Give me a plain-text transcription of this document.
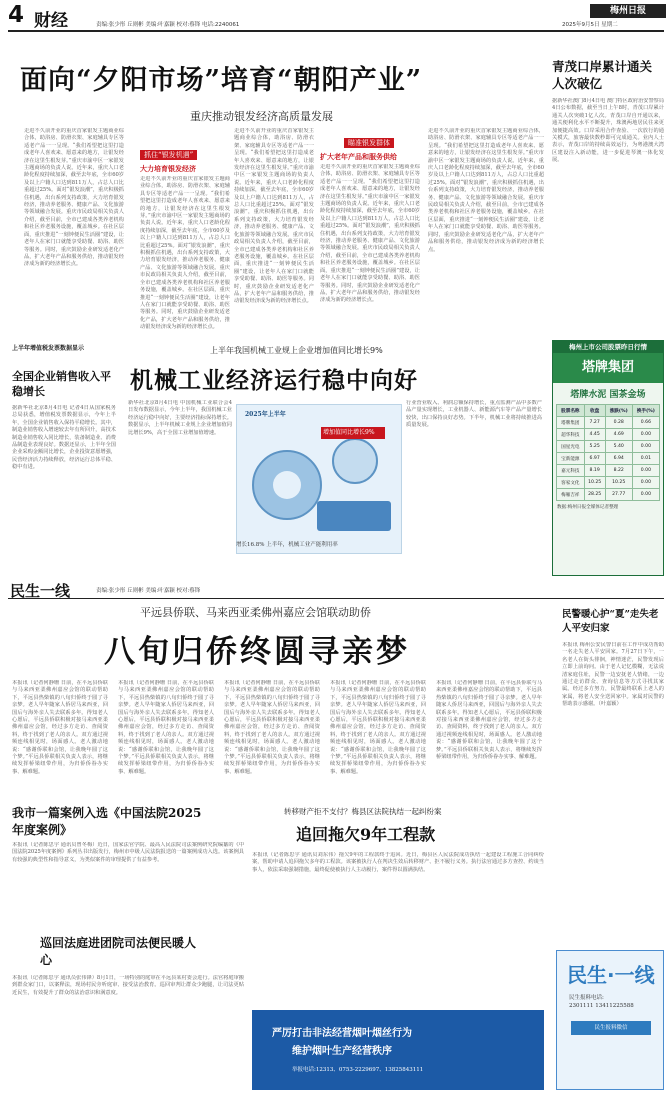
4 财经	责编:张少彤 丘则彬 美编:叶嘉颖 校对:蔡锋 电话:2240061	2025年9月5日 星期二
梅州日报
面向“夕阳市场”培育“朝阳产业”
重庆推动银发经济高质量发展
抓住“银发机遇”
大力培育银发经济
瞄准银发群体
扩大老年产品和服务供给

走进不久前开业的重庆首家银发主题商业综合体，助浴房、防滑衣架、家庭辅具专区等适老产品一一呈现。“我们希望把这里打造成老年人喜欢来、愿意来的地方，让银发经济在这里生根发芽。”重庆市渝中区一家银发主题商场的负责人说。近年来，重庆人口老龄化程度持续加深，截至去年底，全市60岁及以上户籍人口达到811万人，占总人口比重超过25%。面对“银发浪潮”，重庆积极抓住机遇，出台系列支持政策，大力培育银发经济，推动养老服务、健康产品、文化旅游等领域融合发展。重庆市民政局相关负责人介绍，截至目前，全市已建成各类养老机构和社区养老服务设施，覆盖城乡。在社区层面，重庆推进“一刻钟便民生活圈”建设，让老年人在家门口就能享受助餐、助浴、助医等服务。同时，重庆鼓励企业研发适老化产品，扩大老年产品和服务供给，推动银发经济成为新的经济增长点。

走进不久前开业的重庆首家银发主题商业综合体，助浴房、防滑衣架、家庭辅具专区等适老产品一一呈现。“我们希望把这里打造成老年人喜欢来、愿意来的地方，让银发经济在这里生根发芽。”重庆市渝中区一家银发主题商场的负责人说。近年来，重庆人口老龄化程度持续加深，截至去年底，全市60岁及以上户籍人口达到811万人，占总人口比重超过25%。面对“银发浪潮”，重庆积极抓住机遇，出台系列支持政策，大力培育银发经济，推动养老服务、健康产品、文化旅游等领域融合发展。重庆市民政局相关负责人介绍，截至目前，全市已建成各类养老机构和社区养老服务设施，覆盖城乡。在社区层面，重庆推进“一刻钟便民生活圈”建设，让老年人在家门口就能享受助餐、助浴、助医等服务。同时，重庆鼓励企业研发适老化产品，扩大老年产品和服务供给，推动银发经济成为新的经济增长点。

走进不久前开业的重庆首家银发主题商业综合体，助浴房、防滑衣架、家庭辅具专区等适老产品一一呈现。“我们希望把这里打造成老年人喜欢来、愿意来的地方，让银发经济在这里生根发芽。”重庆市渝中区一家银发主题商场的负责人说。近年来，重庆人口老龄化程度持续加深，截至去年底，全市60岁及以上户籍人口达到811万人，占总人口比重超过25%。面对“银发浪潮”，重庆积极抓住机遇，出台系列支持政策，大力培育银发经济，推动养老服务、健康产品、文化旅游等领域融合发展。重庆市民政局相关负责人介绍，截至目前，全市已建成各类养老机构和社区养老服务设施，覆盖城乡。在社区层面，重庆推进“一刻钟便民生活圈”建设，让老年人在家门口就能享受助餐、助浴、助医等服务。同时，重庆鼓励企业研发适老化产品，扩大老年产品和服务供给，推动银发经济成为新的经济增长点。

走进不久前开业的重庆首家银发主题商业综合体，助浴房、防滑衣架、家庭辅具专区等适老产品一一呈现。“我们希望把这里打造成老年人喜欢来、愿意来的地方，让银发经济在这里生根发芽。”重庆市渝中区一家银发主题商场的负责人说。近年来，重庆人口老龄化程度持续加深，截至去年底，全市60岁及以上户籍人口达到811万人，占总人口比重超过25%。面对“银发浪潮”，重庆积极抓住机遇，出台系列支持政策，大力培育银发经济，推动养老服务、健康产品、文化旅游等领域融合发展。重庆市民政局相关负责人介绍，截至目前，全市已建成各类养老机构和社区养老服务设施，覆盖城乡。在社区层面，重庆推进“一刻钟便民生活圈”建设，让老年人在家门口就能享受助餐、助浴、助医等服务。同时，重庆鼓励企业研发适老化产品，扩大老年产品和服务供给，推动银发经济成为新的经济增长点。

走进不久前开业的重庆首家银发主题商业综合体，助浴房、防滑衣架、家庭辅具专区等适老产品一一呈现。“我们希望把这里打造成老年人喜欢来、愿意来的地方，让银发经济在这里生根发芽。”重庆市渝中区一家银发主题商场的负责人说。近年来，重庆人口老龄化程度持续加深，截至去年底，全市60岁及以上户籍人口达到811万人，占总人口比重超过25%。面对“银发浪潮”，重庆积极抓住机遇，出台系列支持政策，大力培育银发经济，推动养老服务、健康产品、文化旅游等领域融合发展。重庆市民政局相关负责人介绍，截至目前，全市已建成各类养老机构和社区养老服务设施，覆盖城乡。在社区层面，重庆推进“一刻钟便民生活圈”建设，让老年人在家门口就能享受助餐、助浴、助医等服务。同时，重庆鼓励企业研发适老化产品，扩大老年产品和服务供给，推动银发经济成为新的经济增长点。

青茂口岸累计通关人次破亿

据新华社澳门8月4日电 澳门特区政府治安警察局4日公布数据，截至当日上午8时，青茂口岸累计通关人次突破1亿人次。青茂口岸自开通以来，通关便利化水平不断提升，珠澳两地居民往来更加便捷高效。口岸采用合作查验、一次放行的通关模式，旅客最快数秒即可完成通关。业内人士表示，青茂口岸的持续高效运行，为粤港澳大湾区建设注入新动能，进一步促进琴澳一体化发展。

梅州上市公司股票昨日行情
塔牌集团
塔牌水泥 国茶金场
股票名称	收盘	涨跌(%)	换手(%)
塔牌集团	7.27	0.28	0.66
超华科技	4.45	4.69	0.00
国星光电	5.25	5.40	0.00
宝新能源	6.97	6.94	0.01
嘉元科技	8.19	8.22	0.00
客家文化	10.25	10.25	0.00
梅雁吉祥	28.25	27.77	0.00
数据:梅州日报全媒体记者整理
上半年增值税发票数据显示
全国企业销售收入平稳增长

据新华社北京8月4日电 记者4日从国家税务总局获悉，增值税发票数据显示，今年上半年，全国企业销售收入保持平稳增长。其中，制造业销售收入增速较去年有所回升，高技术制造业销售收入同比增长，装备制造业、消费品制造业表现良好。数据还显示，上半年全国企业采购金额同比增长，企业投资意愿增强，民营经济活力持续释放，经济运行总体平稳、稳中有进。

上半年我国机械工业规上企业增加值同比增长9%
机械工业经济运行稳中向好

新华社北京8月4日电 中国机械工业联合会4日发布数据显示，今年上半年，我国机械工业经济运行稳中向好，主要经济指标保持增长。数据显示，上半年机械工业规上企业增加值同比增长9%，高于全国工业增加值增速。

2025年上半年
增加值同比增长9%
增长16.8% 上半年，机械工业产能利用率

行业营业收入、利润总额保持增长，重点监测产品中多数产品产量实现增长，工业机器人、新能源汽车等产品产量增长较快，出口保持良好态势。下半年，机械工业将持续推进高质量发展。

民生一线	责编:张少彤 丘则彬 美编:叶嘉颖 校对:蔡锋
平远县侨联、马来西亚柔佛州嘉应会馆联动助侨
八旬归侨终圆寻亲梦

本报讯（记者何静珊 日前，在平远县侨联与马来西亚柔佛州嘉应会馆的联动帮助下，平远县热柴镇的八旬归侨终于圆了寻亲梦。老人早年随家人侨居马来西亚，回国后与海外亲人失去联系多年。得知老人心愿后，平远县侨联积极对接马来西亚柔佛州嘉应会馆，经过多方走访、查阅资料，终于找到了老人的亲人。双方通过视频连线相见时，场面感人。老人激动地说：“感谢侨联和会馆，让我晚年圆了这个梦。”平远县侨联相关负责人表示，将继续发挥桥梁纽带作用，为归侨侨眷办实事、解难题。

本报讯（记者何静珊 日前，在平远县侨联与马来西亚柔佛州嘉应会馆的联动帮助下，平远县热柴镇的八旬归侨终于圆了寻亲梦。老人早年随家人侨居马来西亚，回国后与海外亲人失去联系多年。得知老人心愿后，平远县侨联积极对接马来西亚柔佛州嘉应会馆，经过多方走访、查阅资料，终于找到了老人的亲人。双方通过视频连线相见时，场面感人。老人激动地说：“感谢侨联和会馆，让我晚年圆了这个梦。”平远县侨联相关负责人表示，将继续发挥桥梁纽带作用，为归侨侨眷办实事、解难题。

本报讯（记者何静珊 日前，在平远县侨联与马来西亚柔佛州嘉应会馆的联动帮助下，平远县热柴镇的八旬归侨终于圆了寻亲梦。老人早年随家人侨居马来西亚，回国后与海外亲人失去联系多年。得知老人心愿后，平远县侨联积极对接马来西亚柔佛州嘉应会馆，经过多方走访、查阅资料，终于找到了老人的亲人。双方通过视频连线相见时，场面感人。老人激动地说：“感谢侨联和会馆，让我晚年圆了这个梦。”平远县侨联相关负责人表示，将继续发挥桥梁纽带作用，为归侨侨眷办实事、解难题。

本报讯（记者何静珊 日前，在平远县侨联与马来西亚柔佛州嘉应会馆的联动帮助下，平远县热柴镇的八旬归侨终于圆了寻亲梦。老人早年随家人侨居马来西亚，回国后与海外亲人失去联系多年。得知老人心愿后，平远县侨联积极对接马来西亚柔佛州嘉应会馆，经过多方走访、查阅资料，终于找到了老人的亲人。双方通过视频连线相见时，场面感人。老人激动地说：“感谢侨联和会馆，让我晚年圆了这个梦。”平远县侨联相关负责人表示，将继续发挥桥梁纽带作用，为归侨侨眷办实事、解难题。

本报讯（记者何静珊 日前，在平远县侨联与马来西亚柔佛州嘉应会馆的联动帮助下，平远县热柴镇的八旬归侨终于圆了寻亲梦。老人早年随家人侨居马来西亚，回国后与海外亲人失去联系多年。得知老人心愿后，平远县侨联积极对接马来西亚柔佛州嘉应会馆，经过多方走访、查阅资料，终于找到了老人的亲人。双方通过视频连线相见时，场面感人。老人激动地说：“感谢侨联和会馆，让我晚年圆了这个梦。”平远县侨联相关负责人表示，将继续发挥桥梁纽带作用，为归侨侨眷办实事、解难题。

民警暖心护“夏”走失老人平安归家

本报讯 梅州公安民警日前在工作中成功帮助一名走失老人平安回家。7月27日下午，一名老人在街头徘徊，神情迷茫，民警发现后立即上前询问。由于老人记忆模糊，无法说清家庭住址，民警一边安抚老人情绪，一边通过走访群众、查询信息等方式寻找其家属。经过多方努力，民警最终联系上老人的家属，将老人安全送回家中。家属对民警的帮助表示感谢。（叶嘉颖）

我市一篇案例入选《中国法院2025年度案例》

本报讯（记者陈思宇 通讯员曾冬梅）近日，国家法官学院、最高人民法院司法案例研究院编纂的《中国法院2025年度案例》系列丛书出版发行，梅州市中级人民法院报送的一篇案例成功入选。该案例具有较强的典型性和指导意义，为类似案件的审理提供了有益参考。

巡回法庭进团院司法便民暖人心

本报讯（记者陈思宇 通讯员张伟锋）8月1日，一场特别的庭审在平远县某村委会进行。法官将庭审搬到群众家门口，以案释法，现场村民旁听庭审、接受法治教育。巡回审判让群众少跑腿，让司法更贴近民生，有效提升了群众的法治意识和满意度。

转移财产拒不支付？梅县区法院执结一起纠纷案
追回拖欠9年工程款

本报讯（记者陈思宇 通讯员刘东伟）拖欠9年的工程款终于追回。近日，梅县区人民法院成功执结一起建设工程施工合同纠纷案，帮助申请人追回拖欠多年的工程款。该案被执行人在判决生效后转移财产、拒不履行义务。执行法官通过多方查控、约谈当事人，依法采取强制措施，最终促使被执行人主动履行，案件得以圆满执结。

严厉打击非法经营烟叶烟丝行为
维护烟叶生产经营秩序
举报电话:12313、0753-2229697、13825843111
民生·一线
民生报料电话:
2301111 13411225588
民生报料微信
